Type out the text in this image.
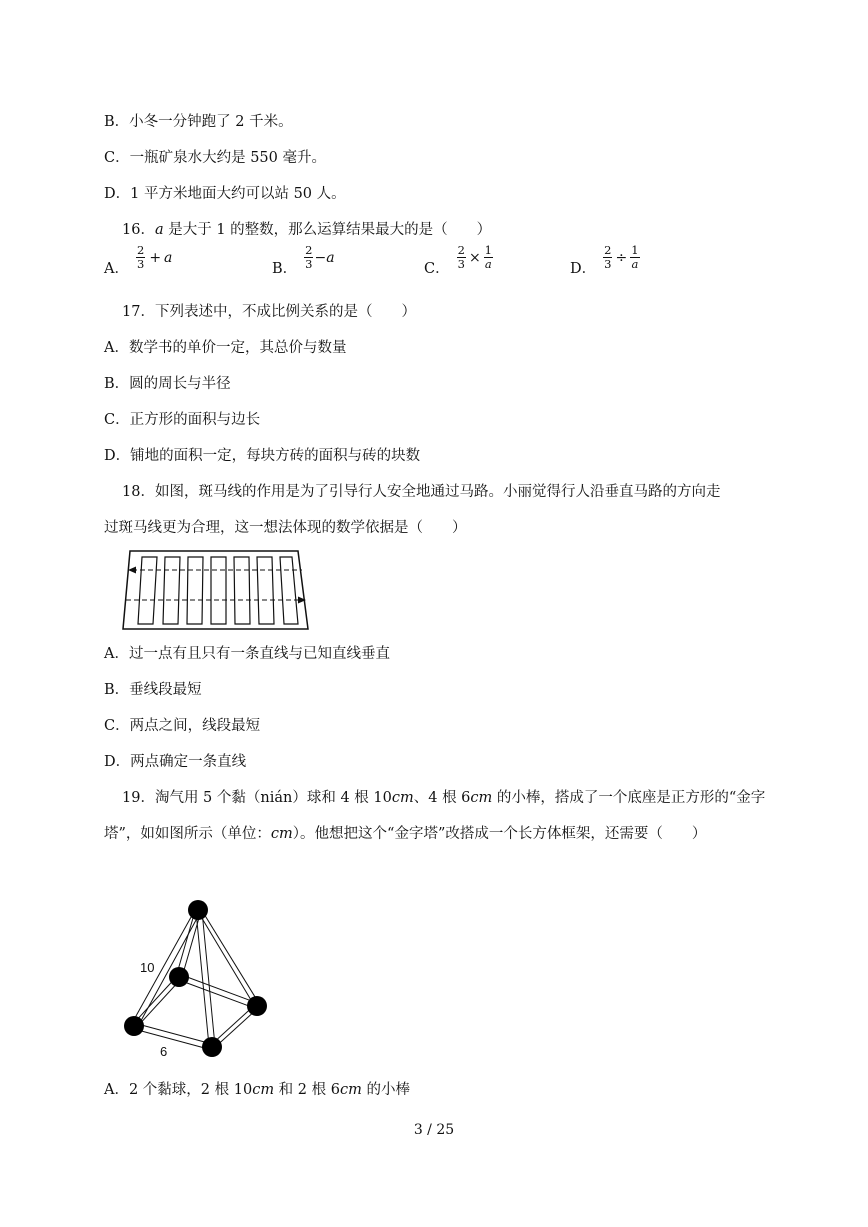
B．小冬一分钟跑了 2 千米。
C．一瓶矿泉水大约是 550 毫升。
D．1 平方米地面大约可以站 50 人。
16．a 是大于 1 的整数，那么运算结果最大的是（　　）
A． $\frac{2}{3} + a$
B． $\frac{2}{3} - a$
C． $\frac{2}{3} \times \frac{1}{a}$	D． $\frac{2}{3} \div \frac{1}{a}$
17．下列表述中，不成比例关系的是（　　）
A．数学书的单价一定，其总价与数量
B．圆的周长与半径
C．正方形的面积与边长
D．铺地的面积一定，每块方砖的面积与砖的块数
18．如图，斑马线的作用是为了引导行人安全地通过马路。小丽觉得行人沿垂直马路的方向走
过斑马线更为合理，这一想法体现的数学依据是（　　）
A．过一点有且只有一条直线与已知直线垂直
B．垂线段最短
C．两点之间，线段最短
D．两点确定一条直线
19．淘气用 5 个黏（nián）球和 4 根 10cm、4 根 6cm 的小棒，搭成了一个底座是正方形的“金字
塔”，如如图所示（单位：cm）。他想把这个“金字塔”改搭成一个长方体框架，还需要（　　）
10
6
A．2 个黏球，2 根 10cm 和 2 根 6cm 的小棒
3 / 25
